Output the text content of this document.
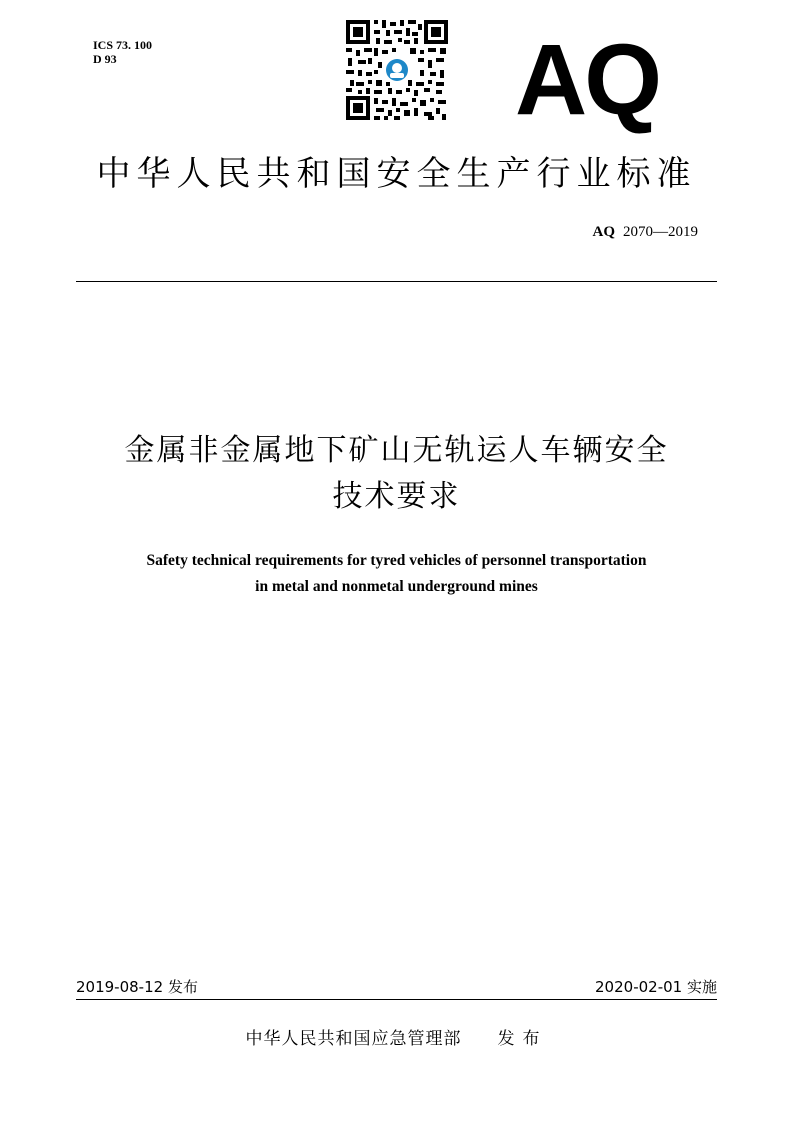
ICS 73. 100
D 93	AQ
中华人民共和国安全生产行业标准
AQ 2070—2019
金属非金属地下矿山无轨运人车辆安全
技术要求
Safety technical requirements for tyred vehicles of personnel transportation
in metal and nonmetal underground mines
2019-08-12 发布	2020-02-01 实施
中华人民共和国应急管理部 发布
